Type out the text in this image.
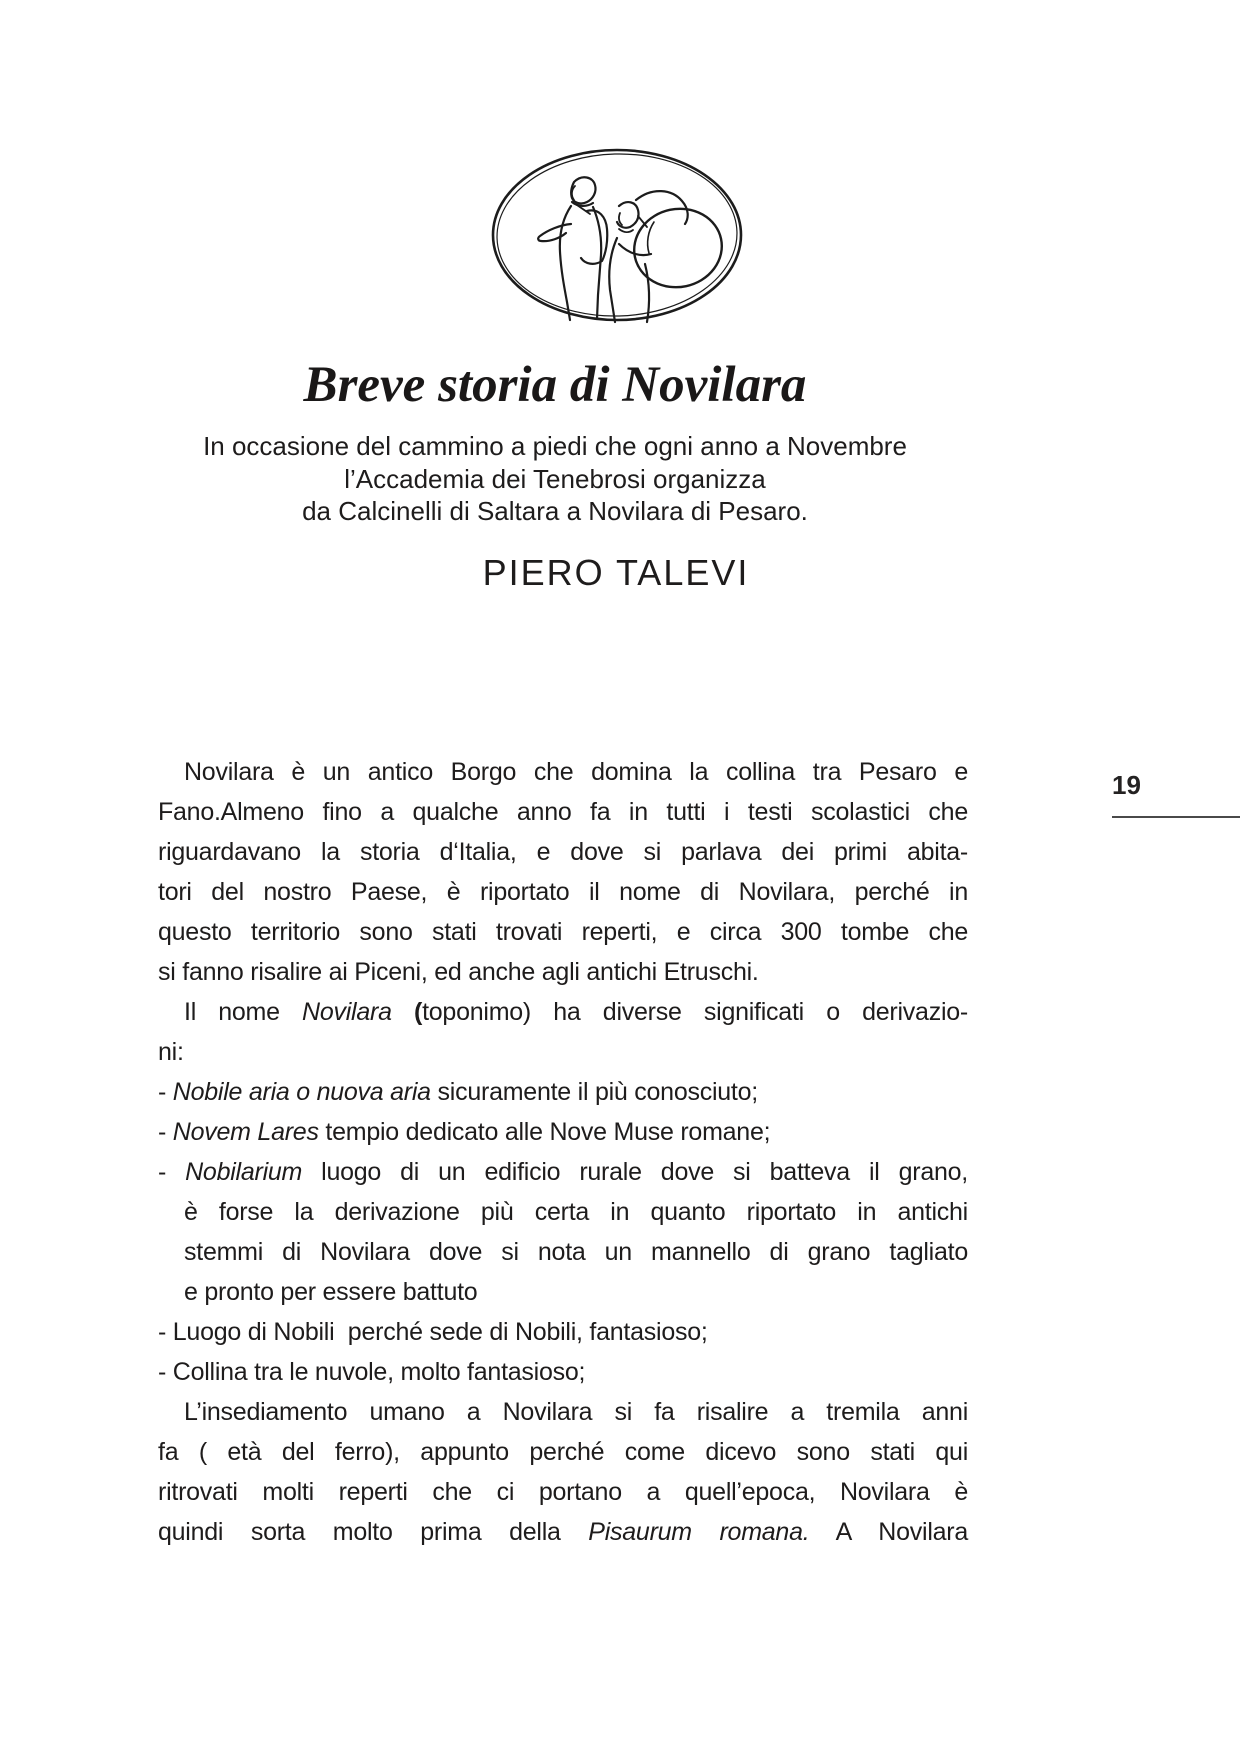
Breve storia di Novilara
In occasione del cammino a piedi che ogni anno a Novembre
l’Accademia dei Tenebrosi organizza
da Calcinelli di Saltara a Novilara di Pesaro.
PIERO TALEVI
19
Novilara è un antico Borgo che domina la collina tra Pesaro e
Fano.Almeno fino a qualche anno fa in tutti i testi scolastici che
riguardavano la storia d‘Italia, e dove si parlava dei primi abita-
tori del nostro Paese, è riportato il nome di Novilara, perché in
questo territorio sono stati trovati reperti, e circa 300 tombe che
si fanno risalire ai Piceni, ed anche agli antichi Etruschi.
Il nome Novilara (toponimo) ha diverse significati o derivazio-
ni:
- Nobile aria o nuova aria sicuramente il più conosciuto;
- Novem Lares tempio dedicato alle Nove Muse romane;
- Nobilarium luogo di un edificio rurale dove si batteva il grano,
è forse la derivazione più certa in quanto riportato in antichi
stemmi di Novilara dove si nota un mannello di grano tagliato
e pronto per essere battuto
- Luogo di Nobili  perché sede di Nobili, fantasioso;
- Collina tra le nuvole, molto fantasioso;
L’insediamento umano a Novilara si fa risalire a tremila anni
fa ( età del ferro), appunto perché come dicevo sono stati qui
ritrovati molti reperti che ci portano a quell’epoca, Novilara è
quindi sorta molto prima della Pisaurum romana. A Novilara
